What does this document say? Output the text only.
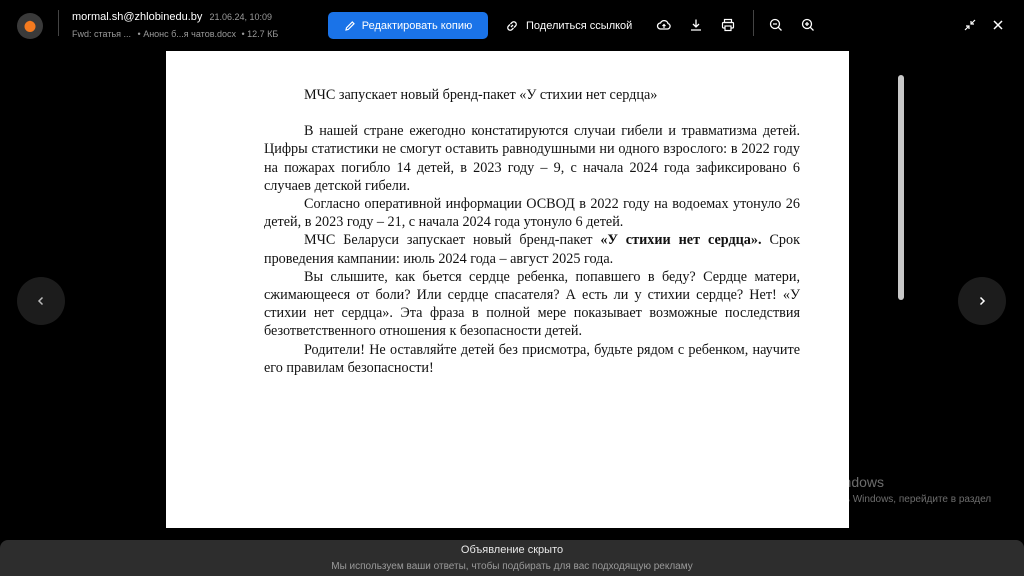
mormal.sh@zhlobinedu.by 21.06.24, 10:09
Fwd: статья ... • Анонс б...я чатов.docx • 12.7 КБ
Редактировать копию	Поделиться ссылкой

МЧС запускает новый бренд-пакет «У стихии нет сердца»

В нашей стране ежегодно констатируются случаи гибели и травматизма детей. Цифры статистики не смогут оставить равнодушными ни одного взрослого: в 2022 году на пожарах погибло 14 детей, в 2023 году – 9, с начала 2024 года зафиксировано 6 случаев детской гибели.

Согласно оперативной информации ОСВОД в 2022 году на водоемах утонуло 26 детей, в 2023 году – 21, с начала 2024 года утонуло 6 детей.

МЧС Беларуси запускает новый бренд-пакет «У стихии нет сердца». Срок проведения кампании: июль 2024 года – август 2025 года.

Вы слышите, как бьется сердце ребенка, попавшего в беду? Сердце матери, сжимающееся от боли? Или сердце спасателя? А есть ли у стихии сердце? Нет! «У стихии нет сердца». Эта фраза в полной мере показывает возможные последствия безответственного отношения к безопасности детей.

Родители! Не оставляйте детей без присмотра, будьте рядом с ребенком, научите его правилам безопасности!

Активация Windows
Чтобы активировать Windows, перейдите в раздел "Параметры".
Объявление скрыто
Мы используем ваши ответы, чтобы подбирать для вас подходящую рекламу
